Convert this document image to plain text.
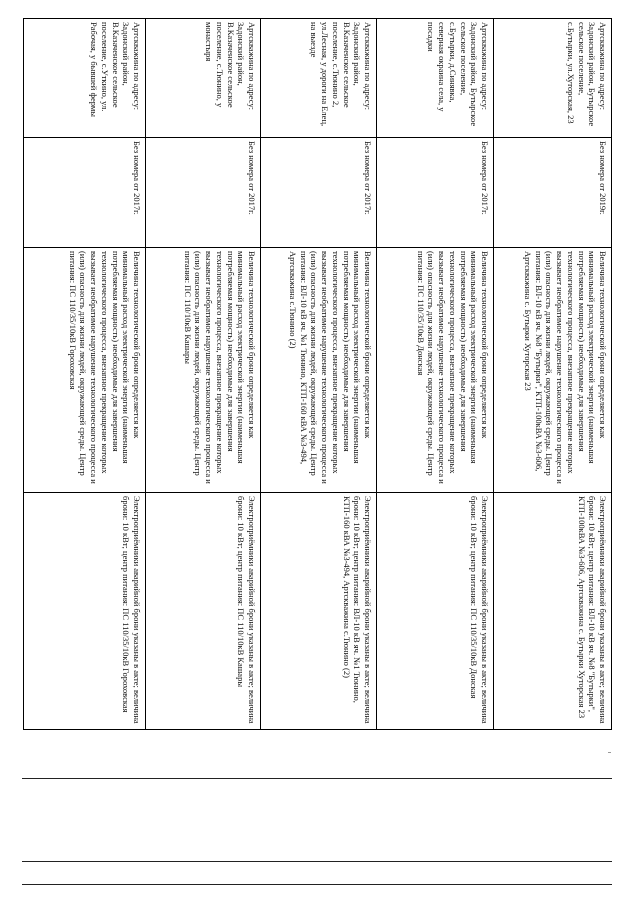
Артскважина по адресу: Задонский район, Бутырское сельское поселение, с.Бутырки, ул.Хуторская, 23
Без номера от 2019г.
Величина технологической брони определяется как минимальный расход электрической энергии (наименьшая потребляемая мощность) необходимые для завершения технологического процесса, внезапное прекращение которых вызывает необратимое нарушение технологического процесса и (или) опасность для жизни людей, окружающей среды. Центр питания: ВЛ-10 кВ яч. №8 "Бутырки", КТП-100кВА №3-606, Артскважина с. Бутырки Хуторская 23
Электроприёмники аварийной брони указаны в акте; величина брони: 10 кВт; центр питания: ВЛ-10 кВ яч. №8 "Бутырки", КТП-100кВА №3-606, Артскважина с. Бутырки Хуторская 23
Артскважина по адресу: Задонский район, Бутырское сельское поселение, с.Бутырки, д.Синявка, северная окраина села, у посадки
Без номера от 2017г.
Величина технологической брони определяется как минимальный расход электрической энергии (наименьшая потребляемая мощность) необходимые для завершения технологического процесса, внезапное прекращение которых вызывает необратимое нарушение технологического процесса и (или) опасность для жизни людей, окружающей среды. Центр питания: ПС 110/35/10кВ Донская
Электроприёмники аварийной брони указаны в акте; величина брони: 10 кВт; центр питания: ПС 110/35/10кВ Донская
Артскважина по адресу: Задонский район, В.Казаченское сельское поселение, с.Тюнино 2, ул.Лесная, у дороги на Елец, на выезде
Без номера от 2017г.
Величина технологической брони определяется как минимальный расход электрической энергии (наименьшая потребляемая мощность) необходимые для завершения технологического процесса, внезапное прекращение которых вызывает необратимое нарушение технологического процесса и (или) опасность для жизни людей, окружающей среды. Центр питания: ВЛ-10 кВ яч. №1 Тюнино, КТП-160 кВА №3-494, Артскважина с.Тюнино (2)
Электроприёмники аварийной брони указаны в акте; величина брони: 10 кВт; центр питания: ВЛ-10 кВ яч. №1 Тюнино, КТП-160 кВА №3-494, Артскважина с.Тюнино (2)
Артскважина по адресу: Задонский район, В.Казаченское сельское поселение, с.Тюнино, у монастыря
Без номера от 2017г.
Величина технологической брони определяется как минимальный расход электрической энергии (наименьшая потребляемая мощность) необходимые для завершения технологического процесса, внезапное прекращение которых вызывает необратимое нарушение технологического процесса и (или) опасность для жизни людей, окружающей среды. Центр питания: ПС 110/10кВ Кашары
Электроприёмники аварийной брони указаны в акте; величина брони: 10 кВт; центр питания: ПС 110/10кВ Кашары
Артскважина по адресу: Задонский район, В.Казаченское сельское поселение, с.Уткино, ул. Рабочая, у бывшей фермы
Без номера от 2017г.
Величина технологической брони определяется как минимальный расход электрической энергии (наименьшая потребляемая мощность) необходимые для завершения технологического процесса, внезапное прекращение которых вызывает необратимое нарушение технологического процесса и (или) опасность для жизни людей, окружающей среды. Центр питания: ПС 110/35/10кВ Гороховская
Электроприёмники аварийной брони указаны в акте; величина брони: 10 кВт; центр питания: ПС 110/35/10кВ Гороховская
